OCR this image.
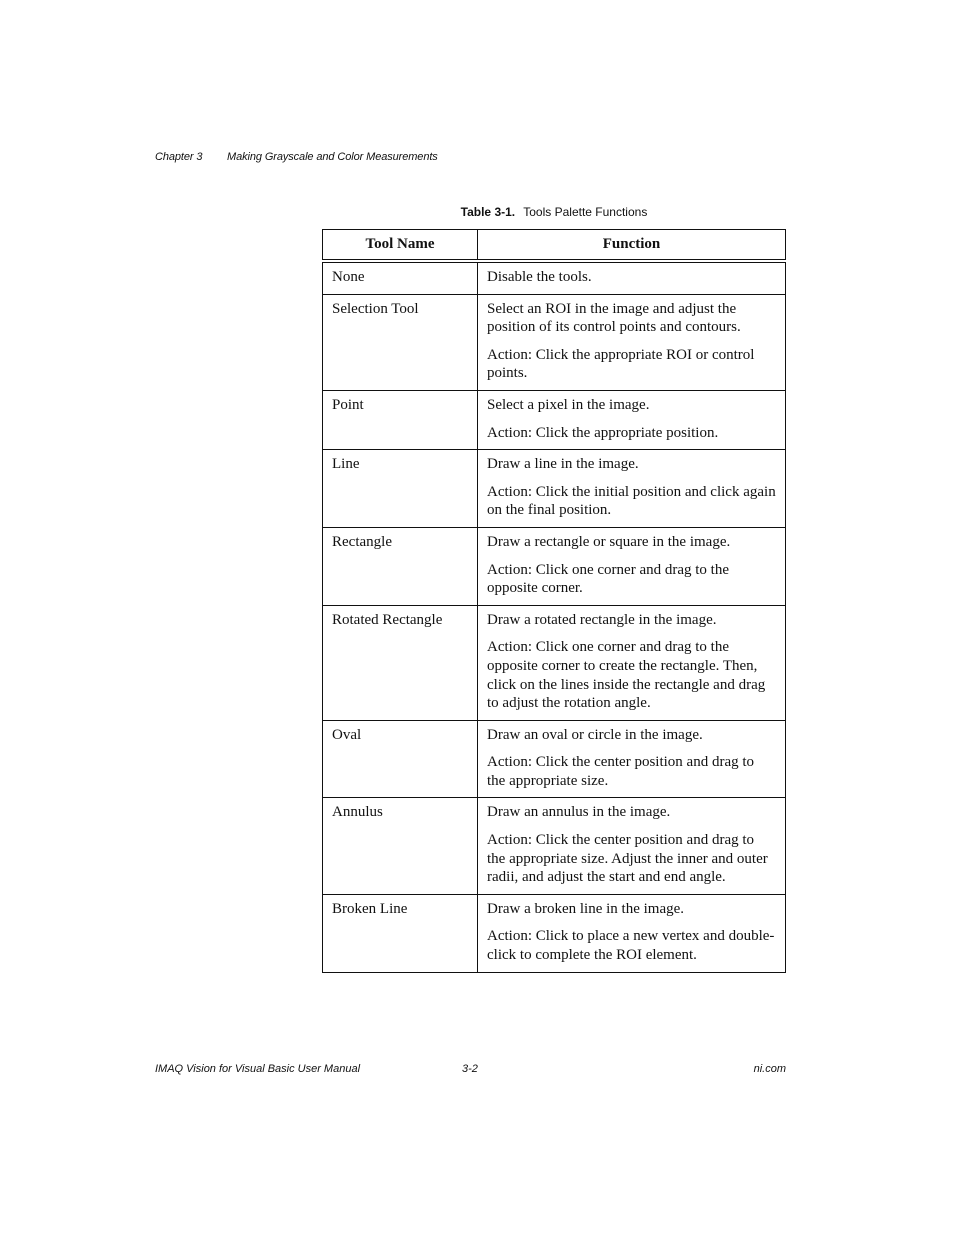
Chapter 3 Making Grayscale and Color Measurements
Table 3-1. Tools Palette Functions
Tool Name	Function
None	Disable the tools.

Selection Tool	Select an ROI in the image and adjust the position of its control points and contours.
Action: Click the appropriate ROI or control points.

Point	Select a pixel in the image.
Action: Click the appropriate position.

Line	Draw a line in the image.
Action: Click the initial position and click again on the final position.

Rectangle	Draw a rectangle or square in the image.
Action: Click one corner and drag to the opposite corner.

Rotated Rectangle	Draw a rotated rectangle in the image.
Action: Click one corner and drag to the opposite corner to create the rectangle. Then, click on the lines inside the rectangle and drag to adjust the rotation angle.

Oval	Draw an oval or circle in the image.
Action: Click the center position and drag to the appropriate size.

Annulus	Draw an annulus in the image.
Action: Click the center position and drag to the appropriate size. Adjust the inner and outer radii, and adjust the start and end angle.

Broken Line	Draw a broken line in the image.
Action: Click to place a new vertex and double-click to complete the ROI element.
IMAQ Vision for Visual Basic User Manual	3-2	ni.com
